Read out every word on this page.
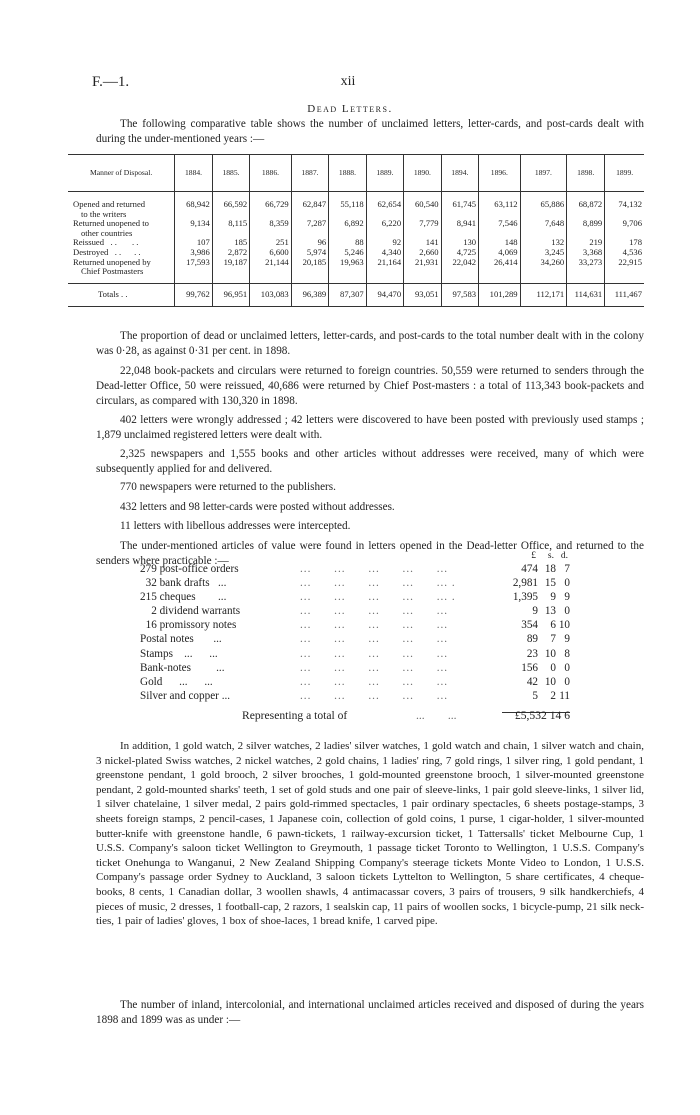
F.—1.	xii
Dead Letters.
The following comparative table shows the number of unclaimed letters, letter-cards, and post-cards dealt with during the under-mentioned years :—
Manner of Disposal.	1884.	1885.	1886.	1887.	1888.	1889.	1890.	1894.	1896.	1897.	1898.	1899.
Opened and returned
to the writers	68,942	66,592	66,729	62,847	55,118	62,654	60,540	61,745	63,112	65,886	68,872	74,132
Returned unopened to
other countries	9,134	8,115	8,359	7,287	6,892	6,220	7,779	8,941	7,546	7,648	8,899	9,706
Reissued   . .       . .	107	185	251	96	88	92	141	130	148	132	219	178
Destroyed   . .      . .	3,986	2,872	6,600	5,974	5,246	4,340	2,660	4,725	4,069	3,245	3,368	4,536
Returned unopened by
Chief Postmasters	17,593	19,187	21,144	20,185	19,963	21,164	21,931	22,042	26,414	34,260	33,273	22,915
Totals . .	99,762	96,951	103,083	96,389	87,307	94,470	93,051	97,583	101,289	112,171	114,631	111,467
The proportion of dead or unclaimed letters, letter-cards, and post-cards to the total number dealt with in the colony was 0·28, as against 0·31 per cent. in 1898.
22,048 book-packets and circulars were returned to foreign countries. 50,559 were returned to senders through the Dead-letter Office, 50 were reissued, 40,686 were returned by Chief Post-masters : a total of 113,343 book-packets and circulars, as compared with 130,320 in 1898.
402 letters were wrongly addressed ; 42 letters were discovered to have been posted with previously used stamps ; 1,879 unclaimed registered letters were dealt with.
2,325 newspapers and 1,555 books and other articles without addresses were received, many of which were subsequently applied for and delivered.
770 newspapers were returned to the publishers.
432 letters and 98 letter-cards were posted without addresses.
11 letters with libellous addresses were intercepted.
The under-mentioned articles of value were found in letters opened in the Dead-letter Office, and returned to the senders where practicable :—	£ s. d.
279 post-office orders	...      ...      ...      ...      ...	474 18 7
32 bank drafts   ...	...      ...      ...      ...      ... .	2,981 15 0
215 cheques        ...	...      ...      ...      ...      ... .	1,395	9 9
2 dividend warrants	...      ...      ...      ...      ...	9 13 0
16 promissory notes	...      ...      ...      ...      ...	354	6 10
Postal notes       ...	...      ...      ...      ...      ...	89	7 9
Stamps    ...      ...	...      ...      ...      ...      ...	23 10 8
Bank-notes         ...	...      ...      ...      ...      ...	156	0 0
Gold      ...      ...	...      ...      ...      ...      ...	42 10 0
Silver and copper ...	...      ...      ...      ...      ...	5	2 11
Representing a total of	...        ...	£5,532 14 6
In addition, 1 gold watch, 2 silver watches, 2 ladies' silver watches, 1 gold watch and chain, 1 silver watch and chain, 3 nickel-plated Swiss watches, 2 nickel watches, 2 gold chains, 1 ladies' ring, 7 gold rings, 1 silver ring, 1 gold pendant, 1 greenstone pendant, 1 gold brooch, 2 silver brooches, 1 gold-mounted greenstone brooch, 1 silver-mounted greenstone pendant, 2 gold-mounted sharks' teeth, 1 set of gold studs and one pair of sleeve-links, 1 pair gold sleeve-links, 1 silver lid, 1 silver chatelaine, 1 silver medal, 2 pairs gold-rimmed spectacles, 1 pair ordinary spectacles, 6 sheets postage-stamps, 3 sheets foreign stamps, 2 pencil-cases, 1 Japanese coin, collection of gold coins, 1 purse, 1 cigar-holder, 1 silver-mounted butter-knife with greenstone handle, 6 pawn-tickets, 1 railway-excursion ticket, 1 Tattersalls' ticket Melbourne Cup, 1 U.S.S. Company's saloon ticket Wellington to Greymouth, 1 passage ticket Toronto to Wellington, 1 U.S.S. Company's ticket Onehunga to Wanganui, 2 New Zealand Shipping Company's steerage tickets Monte Video to London, 1 U.S.S. Company's passage order Sydney to Auckland, 3 saloon tickets Lyttelton to Wellington, 5 share certificates, 4 cheque-books, 8 cents, 1 Canadian dollar, 3 woollen shawls, 4 antimacassar covers, 3 pairs of trousers, 9 silk handkerchiefs, 4 pieces of music, 2 dresses, 1 football-cap, 2 razors, 1 sealskin cap, 11 pairs of woollen socks, 1 bicycle-pump, 21 silk neck-ties, 1 pair of ladies' gloves, 1 box of shoe-laces, 1 bread knife, 1 carved pipe.
The number of inland, intercolonial, and international unclaimed articles received and disposed of during the years 1898 and 1899 was as under :—
